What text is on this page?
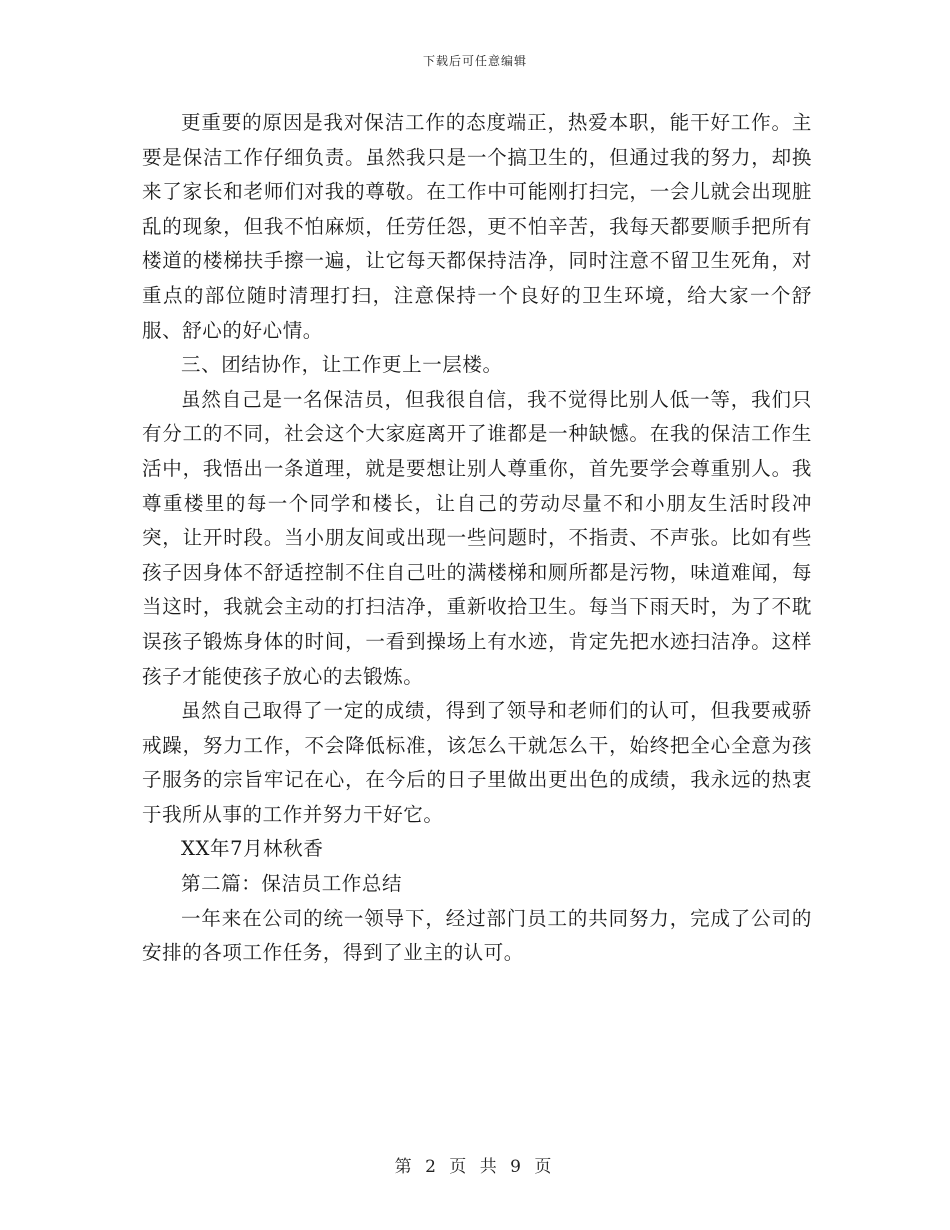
下载后可任意编辑

更重要的原因是我对保洁工作的态度端正，热爱本职，能干好工作。主要是保洁工作仔细负责。虽然我只是一个搞卫生的，但通过我的努力，却换来了家长和老师们对我的尊敬。在工作中可能刚打扫完，一会儿就会出现脏乱的现象，但我不怕麻烦，任劳任怨，更不怕辛苦，我每天都要顺手把所有楼道的楼梯扶手擦一遍，让它每天都保持洁净，同时注意不留卫生死角，对重点的部位随时清理打扫，注意保持一个良好的卫生环境，给大家一个舒服、舒心的好心情。

三、团结协作，让工作更上一层楼。

虽然自己是一名保洁员，但我很自信，我不觉得比别人低一等，我们只有分工的不同，社会这个大家庭离开了谁都是一种缺憾。在我的保洁工作生活中，我悟出一条道理，就是要想让别人尊重你，首先要学会尊重别人。我尊重楼里的每一个同学和楼长，让自己的劳动尽量不和小朋友生活时段冲突，让开时段。当小朋友间或出现一些问题时，不指责、不声张。比如有些孩子因身体不舒适控制不住自己吐的满楼梯和厕所都是污物，味道难闻，每当这时，我就会主动的打扫洁净，重新收拾卫生。每当下雨天时，为了不耽误孩子锻炼身体的时间，一看到操场上有水迹，肯定先把水迹扫洁净。这样孩子才能使孩子放心的去锻炼。

虽然自己取得了一定的成绩，得到了领导和老师们的认可，但我要戒骄戒躁，努力工作，不会降低标准，该怎么干就怎么干，始终把全心全意为孩子服务的宗旨牢记在心，在今后的日子里做出更出色的成绩，我永远的热衷于我所从事的工作并努力干好它。

XX年7月林秋香

第二篇：保洁员工作总结

一年来在公司的统一领导下，经过部门员工的共同努力，完成了公司的安排的各项工作任务，得到了业主的认可。

第 2 页 共 9 页
